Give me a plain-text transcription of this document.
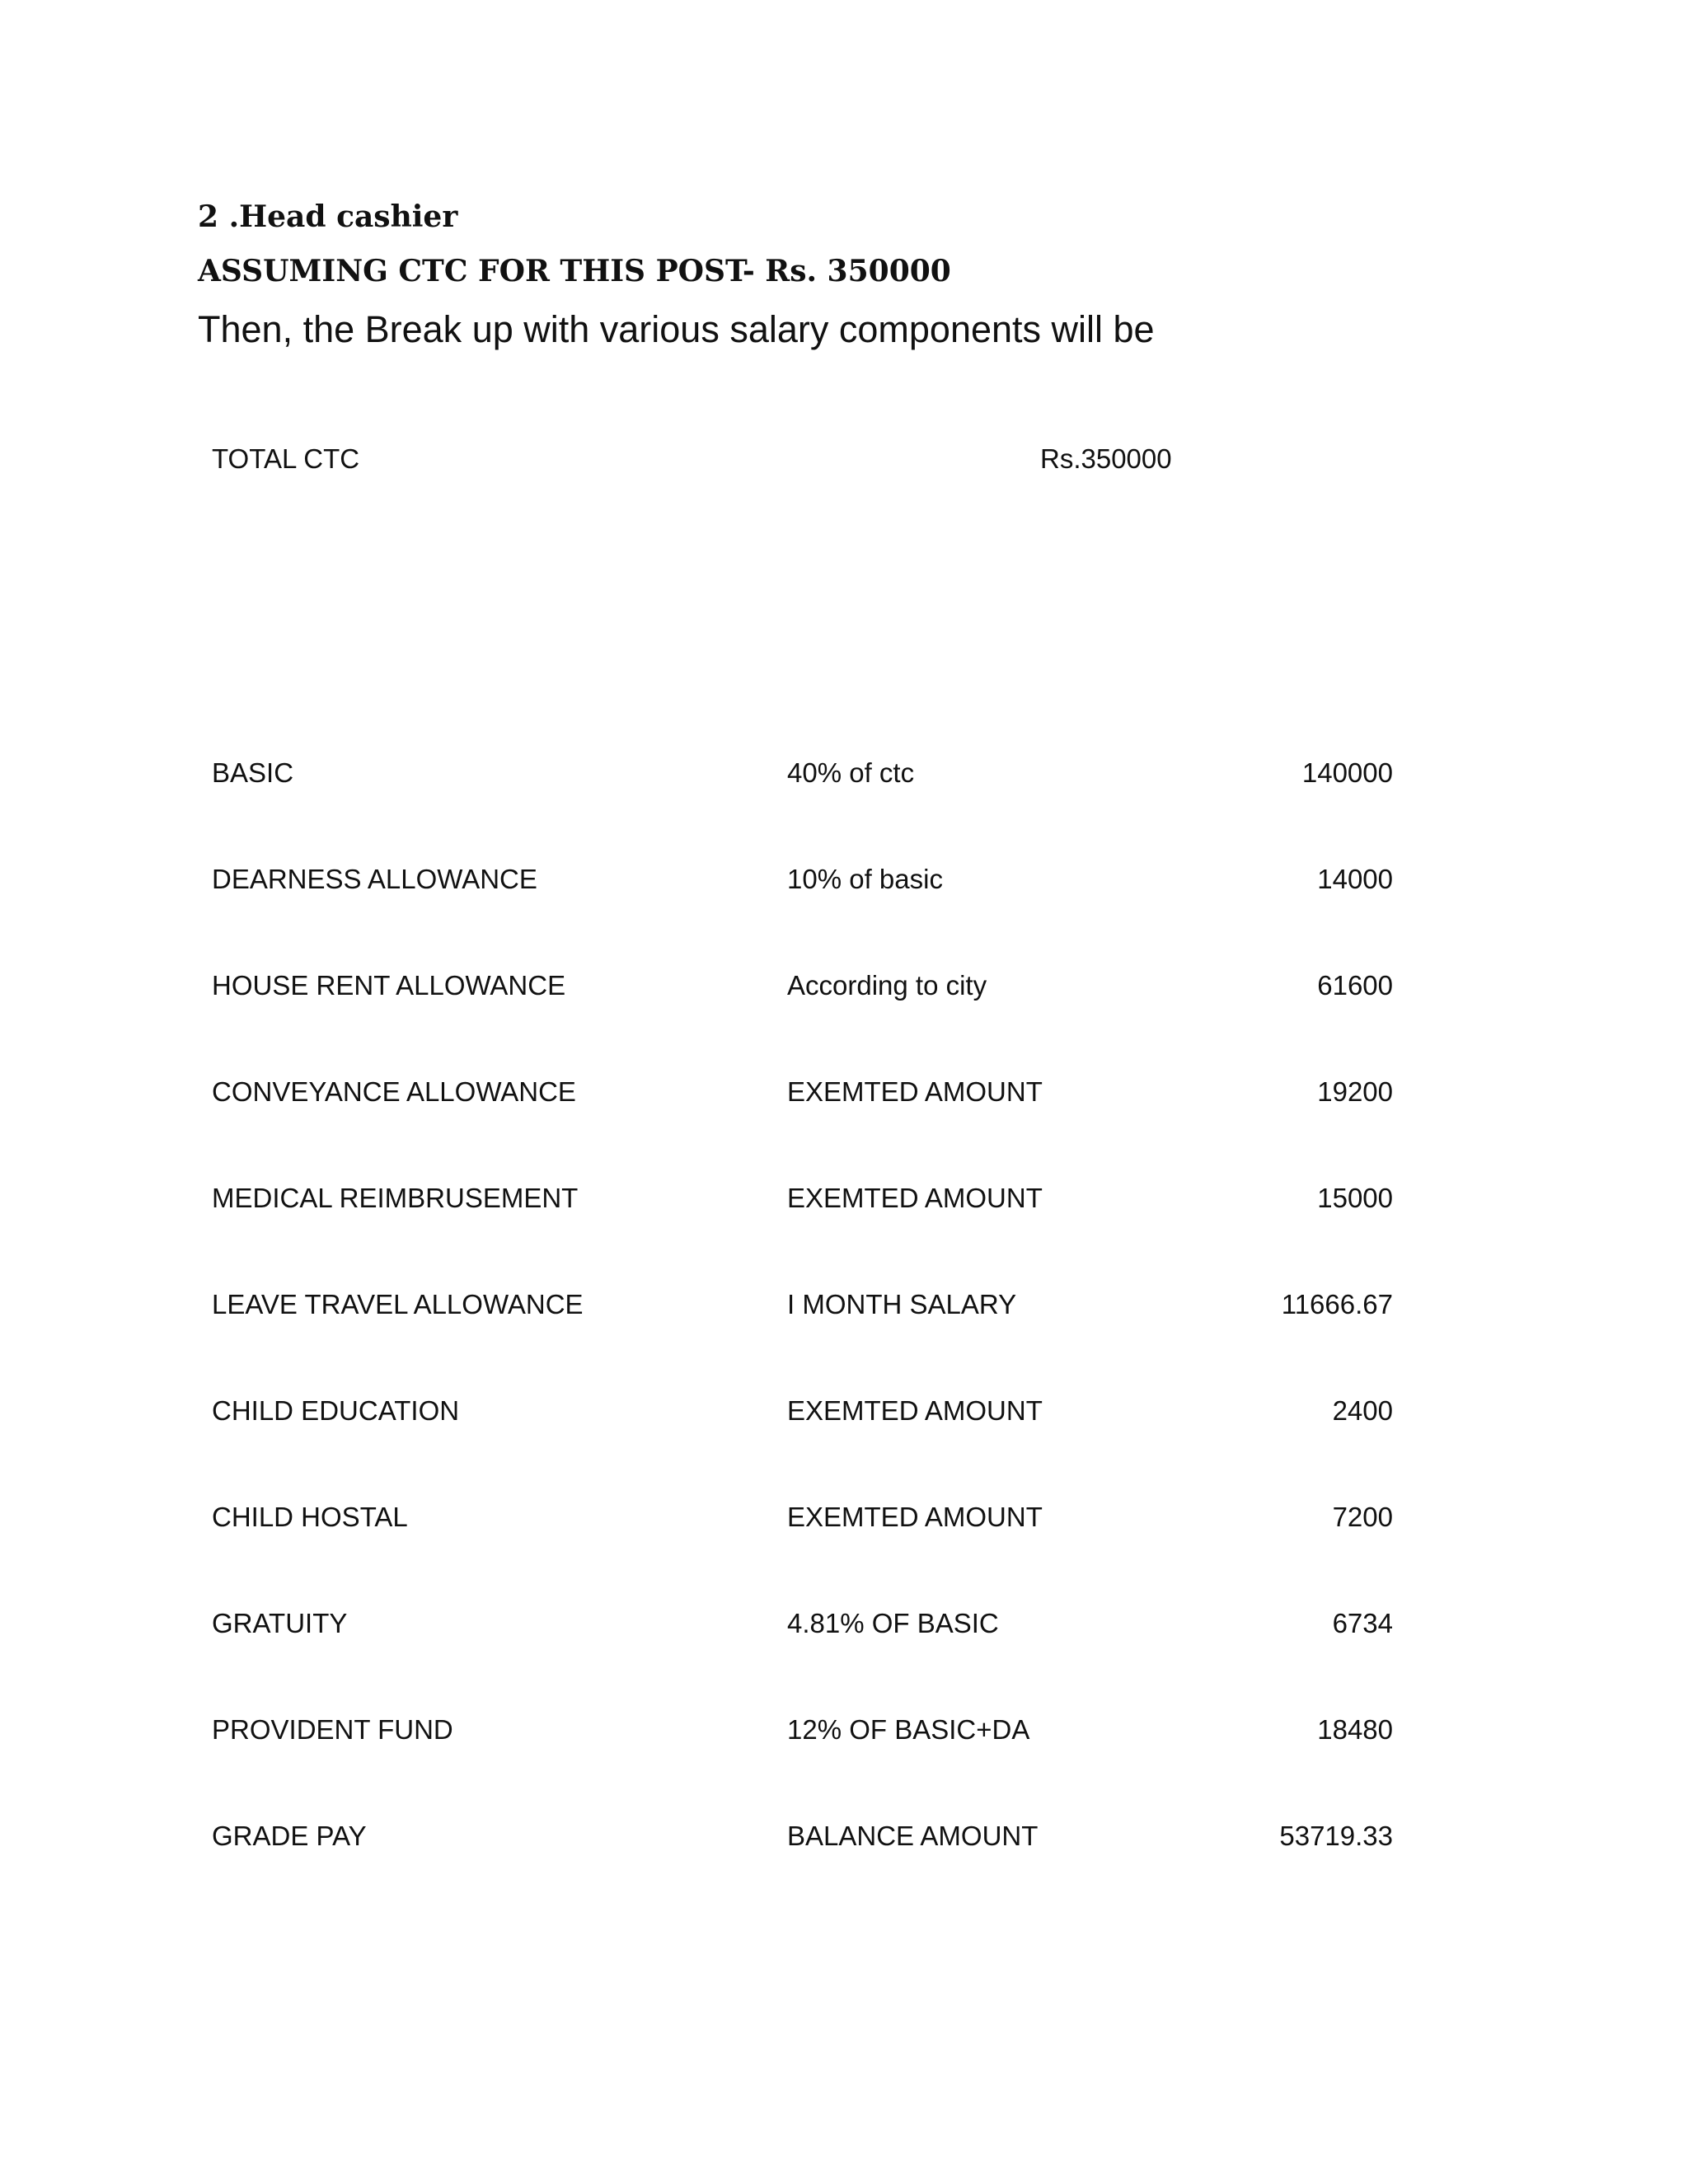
2 .Head cashier
ASSUMING CTC FOR THIS POST- Rs. 350000
Then, the Break up with various salary components will be
TOTAL CTC	Rs.350000
BASIC	40% of ctc	140000
DEARNESS ALLOWANCE	10% of basic	14000
HOUSE RENT ALLOWANCE	According to city	61600
CONVEYANCE ALLOWANCE	EXEMTED AMOUNT	19200
MEDICAL REIMBRUSEMENT	EXEMTED AMOUNT	15000
LEAVE TRAVEL ALLOWANCE	I MONTH SALARY	11666.67
CHILD EDUCATION	EXEMTED AMOUNT	2400
CHILD HOSTAL	EXEMTED AMOUNT	7200
GRATUITY	4.81% OF BASIC	6734
PROVIDENT FUND	12% OF BASIC+DA	18480
GRADE PAY	BALANCE AMOUNT	53719.33
